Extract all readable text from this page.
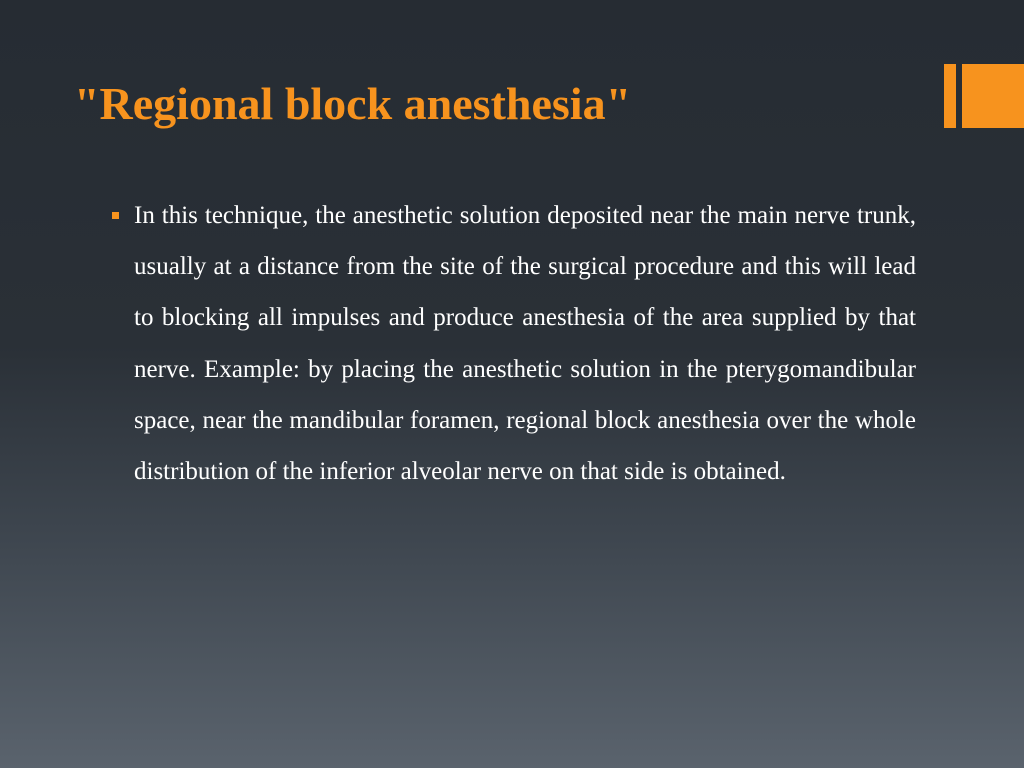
"Regional block anesthesia"
In this technique, the anesthetic solution deposited near the main nerve trunk, usually at a distance from the site of the surgical procedure and this will lead to blocking all impulses and produce anesthesia of the area supplied by that nerve. Example: by placing the anesthetic solution in the pterygomandibular space, near the mandibular foramen, regional block anesthesia over the whole distribution of the inferior alveolar nerve on that side is obtained.
